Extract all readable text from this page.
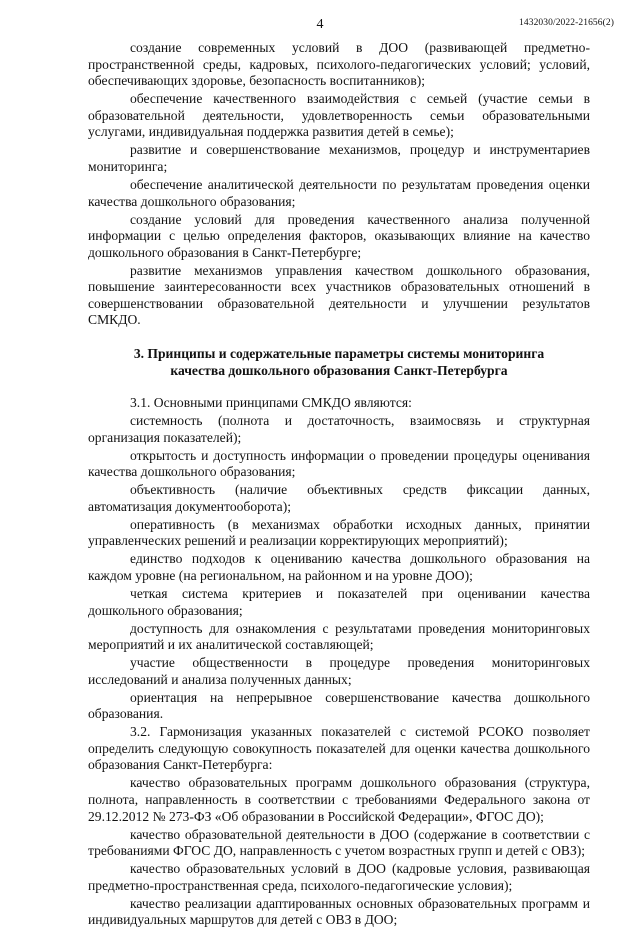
4	1432030/2022-21656(2)

создание современных условий в ДОО (развивающей предметно-пространственной среды, кадровых, психолого-педагогических условий; условий, обеспечивающих здоровье, безопасность воспитанников);

обеспечение качественного взаимодействия с семьей (участие семьи в образовательной деятельности, удовлетворенность семьи образовательными услугами, индивидуальная поддержка развития детей в семье);

развитие и совершенствование механизмов, процедур и инструментариев мониторинга;

обеспечение аналитической деятельности по результатам проведения оценки качества дошкольного образования;

создание условий для проведения качественного анализа полученной информации с целью определения факторов, оказывающих влияние на качество дошкольного образования в Санкт-Петербурге;

развитие механизмов управления качеством дошкольного образования, повышение заинтересованности всех участников образовательных отношений в совершенствовании образовательной деятельности и улучшении результатов СМКДО.

3. Принципы и содержательные параметры системы мониторинга
качества дошкольного образования Санкт-Петербурга

3.1. Основными принципами СМКДО являются:

системность (полнота и достаточность, взаимосвязь и структурная организация показателей);

открытость и доступность информации о проведении процедуры оценивания качества дошкольного образования;

объективность (наличие объективных средств фиксации данных, автоматизация документооборота);

оперативность (в механизмах обработки исходных данных, принятии управленческих решений и реализации корректирующих мероприятий);

единство подходов к оцениванию качества дошкольного образования на каждом уровне (на региональном, на районном и на уровне ДОО);

четкая система критериев и показателей при оценивании качества дошкольного образования;

доступность для ознакомления с результатами проведения мониторинговых мероприятий и их аналитической составляющей;

участие общественности в процедуре проведения мониторинговых исследований и анализа полученных данных;

ориентация на непрерывное совершенствование качества дошкольного образования.

3.2. Гармонизация указанных показателей с системой РСОКО позволяет определить следующую совокупность показателей для оценки качества дошкольного образования Санкт-Петербурга:

качество образовательных программ дошкольного образования (структура, полнота, направленность в соответствии с требованиями Федерального закона от 29.12.2012 № 273-ФЗ «Об образовании в Российской Федерации», ФГОС ДО);

качество образовательной деятельности в ДОО (содержание в соответствии с требованиями ФГОС ДО, направленность с учетом возрастных групп и детей с ОВЗ);

качество образовательных условий в ДОО (кадровые условия, развивающая предметно-пространственная среда, психолого-педагогические условия);

качество реализации адаптированных основных образовательных программ и индивидуальных маршрутов для детей с ОВЗ в ДОО;
